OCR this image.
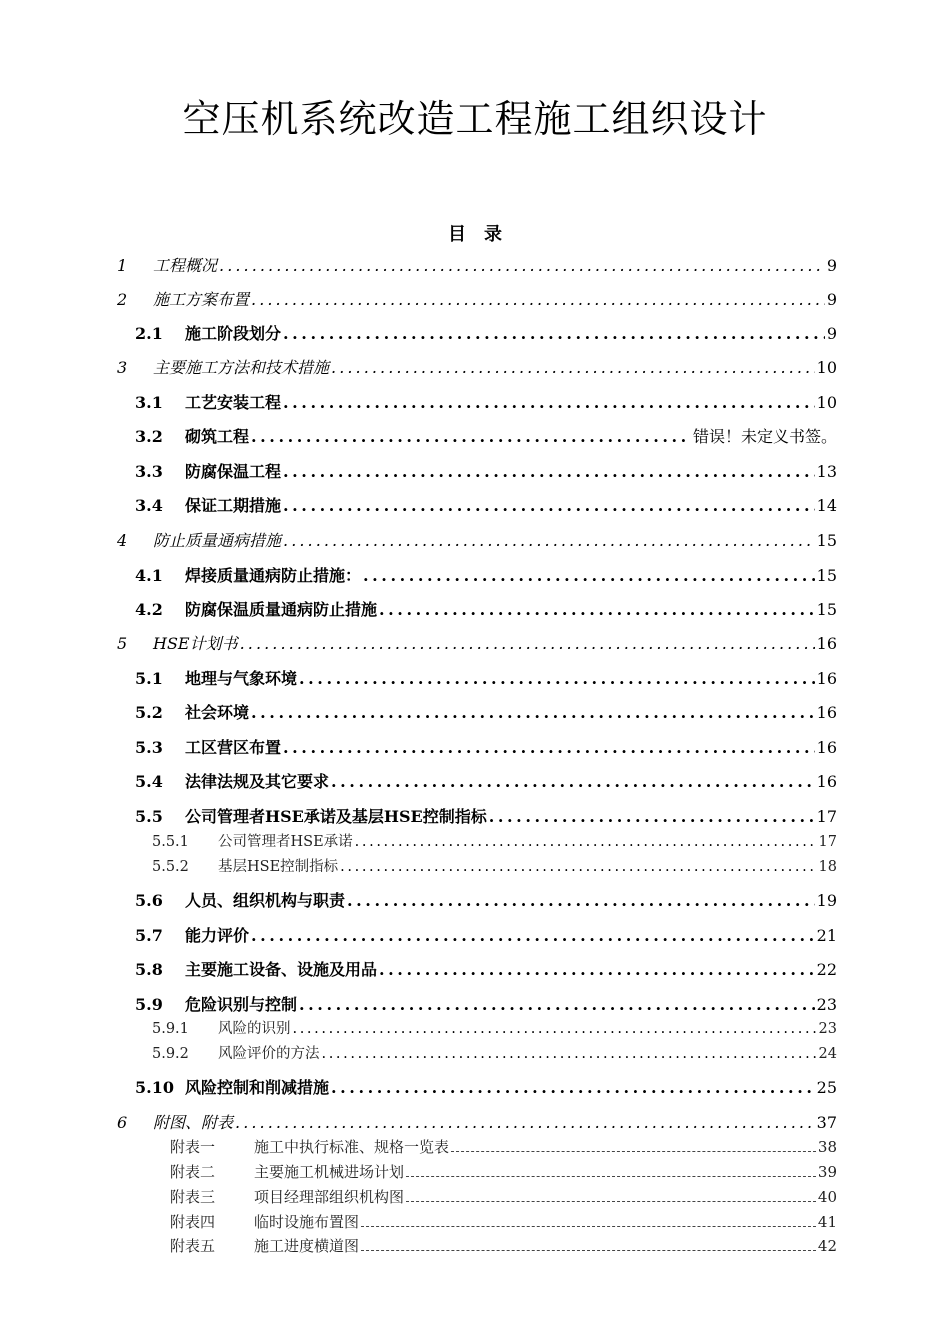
空压机系统改造工程施工组织设计
目　录
1	工程概况 . . .	9
2	施工方案布置 . . .	9
2.1	施工阶段划分 . . .	9
3	主要施工方法和技术措施 . . .	10
3.1	工艺安装工程 . . .	10
3.2	砌筑工程 . . .	错误！未定义书签。
3.3	防腐保温工程 . . .	13
3.4	保证工期措施 . . .	14
4	防止质量通病措施 . . .	15
4.1	焊接质量通病防止措施： . . .	15
4.2	防腐保温质量通病防止措施 . . .	15
5	HSE计划书 . . .	16
5.1	地理与气象环境 . . .	16
5.2	社会环境 . . .	16
5.3	工区营区布置 . . .	16
5.4	法律法规及其它要求 . . .	16
5.5	公司管理者HSE承诺及基层HSE控制指标 . . .	17
5.5.1	公司管理者HSE承诺 . . .	17
5.5.2	基层HSE控制指标 . . .	18
5.6	人员、组织机构与职责 . . .	19
5.7	能力评价 . . .	21
5.8	主要施工设备、设施及用品 . . .	22
5.9	危险识别与控制 . . .	23
5.9.1	风险的识别 . . .	23
5.9.2	风险评价的方法 . . .	24
5.10 风险控制和削减措施 . . .	25
6	附图、附表 . . .	37
附表一	施工中执行标准、规格一览表	38
附表二	主要施工机械进场计划	39
附表三	项目经理部组织机构图	40
附表四	临时设施布置图	41
附表五	施工进度横道图	42
